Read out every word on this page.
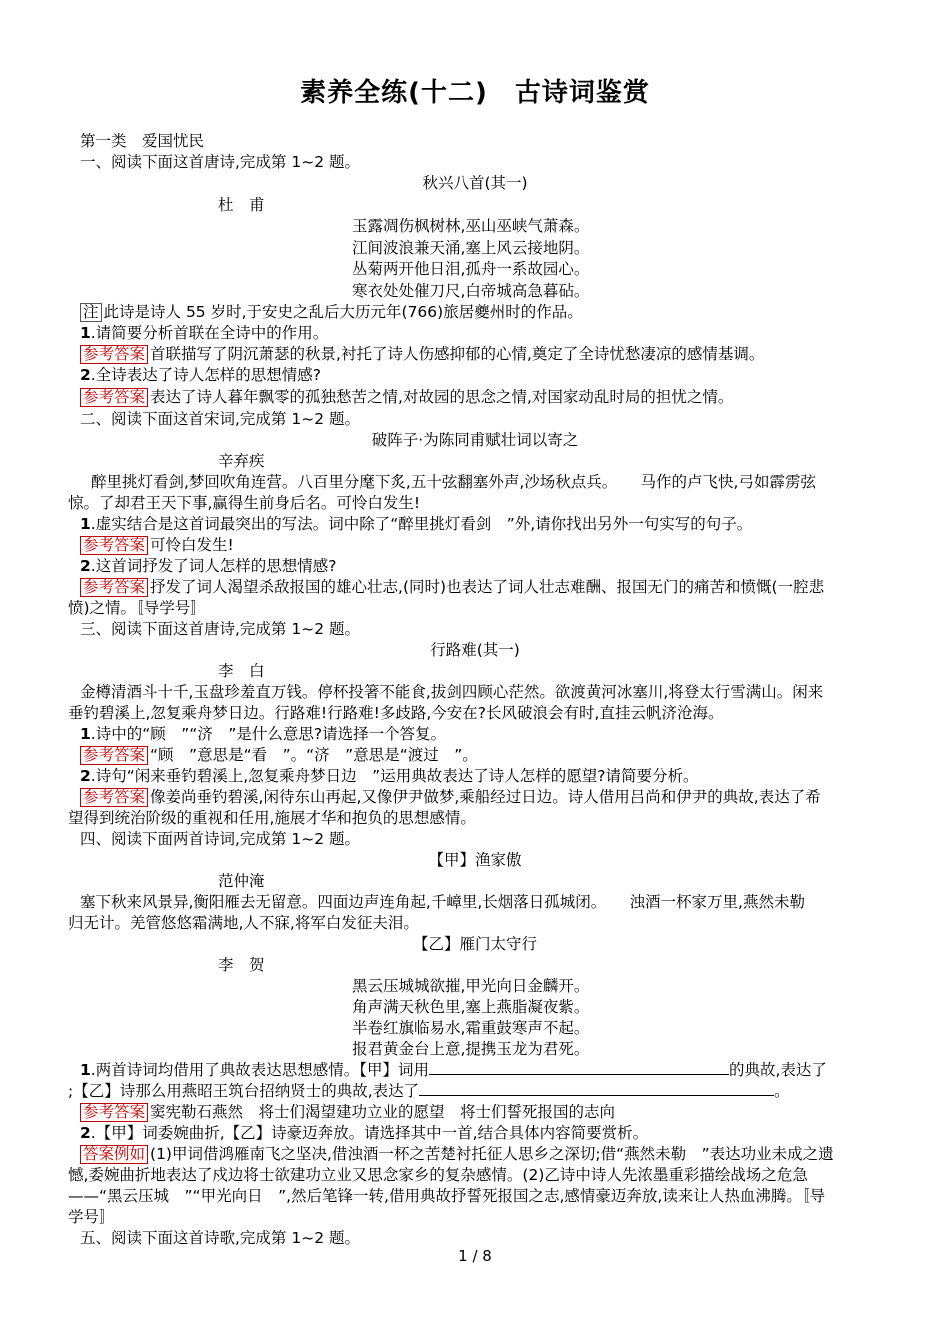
素养全练(十二)　古诗词鉴赏
第一类　爱国忧民
一、阅读下面这首唐诗,完成第 1~2 题。
秋兴八首(其一)
杜　甫
玉露凋伤枫树林,巫山巫峡气萧森。
江间波浪兼天涌,塞上风云接地阴。
丛菊两开他日泪,孤舟一系故园心。
寒衣处处催刀尺,白帝城高急暮砧。
注 此诗是诗人 55 岁时,于安史之乱后大历元年(766)旅居夔州时的作品。
1.请简要分析首联在全诗中的作用。
参考答案 首联描写了阴沉萧瑟的秋景,衬托了诗人伤感抑郁的心情,奠定了全诗忧愁凄凉的感情基调。
2.全诗表达了诗人怎样的思想情感?
参考答案 表达了诗人暮年飘零的孤独愁苦之情,对故园的思念之情,对国家动乱时局的担忧之情。
二、阅读下面这首宋词,完成第 1~2 题。
破阵子·为陈同甫赋壮词以寄之
辛弃疾
醉里挑灯看剑,梦回吹角连营。八百里分麾下炙,五十弦翻塞外声,沙场秋点兵。　　马作的卢飞快,弓如霹雳弦
惊。了却君王天下事,赢得生前身后名。可怜白发生!
1.虚实结合是这首词最突出的写法。词中除了“醉里挑灯看剑　”外,请你找出另外一句实写的句子。
参考答案 可怜白发生!
2.这首词抒发了词人怎样的思想情感?
参考答案 抒发了词人渴望杀敌报国的雄心壮志,(同时)也表达了词人壮志难酬、报国无门的痛苦和愤慨(一腔悲
愤)之情。〚导学号〛
三、阅读下面这首唐诗,完成第 1~2 题。
行路难(其一)
李　白
金樽清酒斗十千,玉盘珍羞直万钱。停杯投箸不能食,拔剑四顾心茫然。欲渡黄河冰塞川,将登太行雪满山。闲来
垂钓碧溪上,忽复乘舟梦日边。行路难!行路难!多歧路,今安在?长风破浪会有时,直挂云帆济沧海。
1.诗中的“顾　”“济　”是什么意思?请选择一个答复。
参考答案 “顾　”意思是“看　”。“济　”意思是“渡过　”。
2.诗句“闲来垂钓碧溪上,忽复乘舟梦日边　”运用典故表达了诗人怎样的愿望?请简要分析。
参考答案 像姜尚垂钓碧溪,闲待东山再起,又像伊尹做梦,乘船经过日边。诗人借用吕尚和伊尹的典故,表达了希
望得到统治阶级的重视和任用,施展才华和抱负的思想感情。
四、阅读下面两首诗词,完成第 1~2 题。
【甲】渔家傲
范仲淹
塞下秋来风景异,衡阳雁去无留意。四面边声连角起,千嶂里,长烟落日孤城闭。　　浊酒一杯家万里,燕然未勒
归无计。羌管悠悠霜满地,人不寐,将军白发征夫泪。
【乙】雁门太守行
李　贺
黑云压城城欲摧,甲光向日金麟开。
角声满天秋色里,塞上燕脂凝夜紫。
半卷红旗临易水,霜重鼓寒声不起。
报君黄金台上意,提携玉龙为君死。
1.两首诗词均借用了典故表达思想感情。【甲】词用	的典故,表达了
;【乙】诗那么用燕昭王筑台招纳贤士的典故,表达了	。
参考答案 窦宪勒石燕然　将士们渴望建功立业的愿望　将士们誓死报国的志向
2.【甲】词委婉曲折,【乙】诗豪迈奔放。请选择其中一首,结合具体内容简要赏析。
答案例如 (1)甲词借鸿雁南飞之坚决,借浊酒一杯之苦楚衬托征人思乡之深切;借“燕然未勒　”表达功业未成之遗
憾,委婉曲折地表达了戍边将士欲建功立业又思念家乡的复杂感情。(2)乙诗中诗人先浓墨重彩描绘战场之危急
——“黑云压城　”“甲光向日　”,然后笔锋一转,借用典故抒誓死报国之志,感情豪迈奔放,读来让人热血沸腾。〚导
学号〛
五、阅读下面这首诗歌,完成第 1~2 题。
1 / 8
